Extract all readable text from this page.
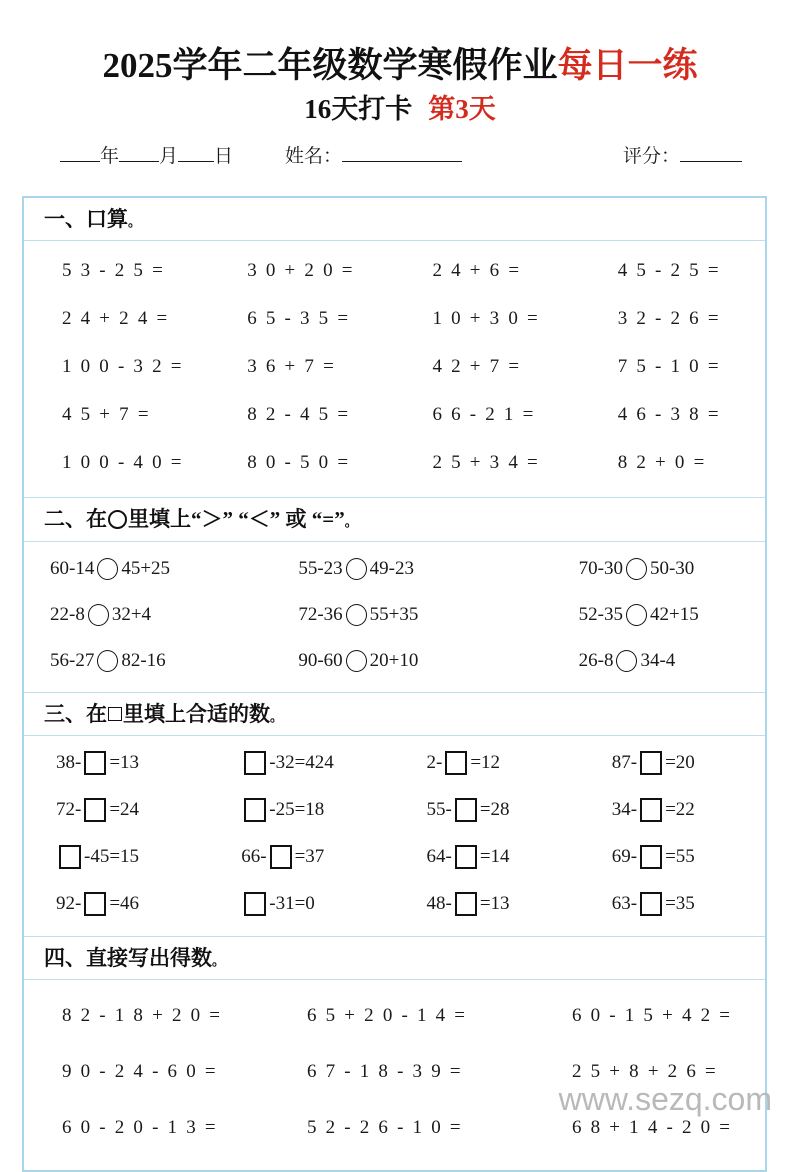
2025学年二年级数学寒假作业每日一练
16天打卡 第3天
年 月 日	姓名：	评分：
一、口算。
5 3 - 2 5 =	3 0 + 2 0 =	2 4 + 6 =	4 5 - 2 5 =
2 4 + 2 4 =	6 5 - 3 5 =	1 0 + 3 0 =	3 2 - 2 6 =
1 0 0 - 3 2 =	3 6 + 7 =	4 2 + 7 =	7 5 - 1 0 =
4 5 + 7 =	8 2 - 4 5 =	6 6 - 2 1 =	4 6 - 3 8 =
1 0 0 - 4 0 =	8 0 - 5 0 =	2 5 + 3 4 =	8 2 + 0 =
二、在 里填上“＞” “＜” 或 “=”。
60-14 45+25	55-23 49-23	70-30 50-30
22-8 32+4	72-36 55+35	52-35 42+15
56-27 82-16	90-60 20+10	26-8 34-4
三、在 里填上合适的数。
38- =13	-32=424	2- =12	87- =20
72- =24	-25=18	55- =28	34- =22
-45=15	66- =37	64- =14	69- =55
92- =46	-31=0	48- =13	63- =35
四、直接写出得数。
8 2 - 1 8 + 2 0 =	6 5 + 2 0 - 1 4 =	6 0 - 1 5 + 4 2 =
9 0 - 2 4 - 6 0 =	6 7 - 1 8 - 3 9 =	2 5 + 8 + 2 6 =
6 0 - 2 0 - 1 3 =	5 2 - 2 6 - 1 0 =	6 8 + 1 4 - 2 0 =
www.sezq.com
